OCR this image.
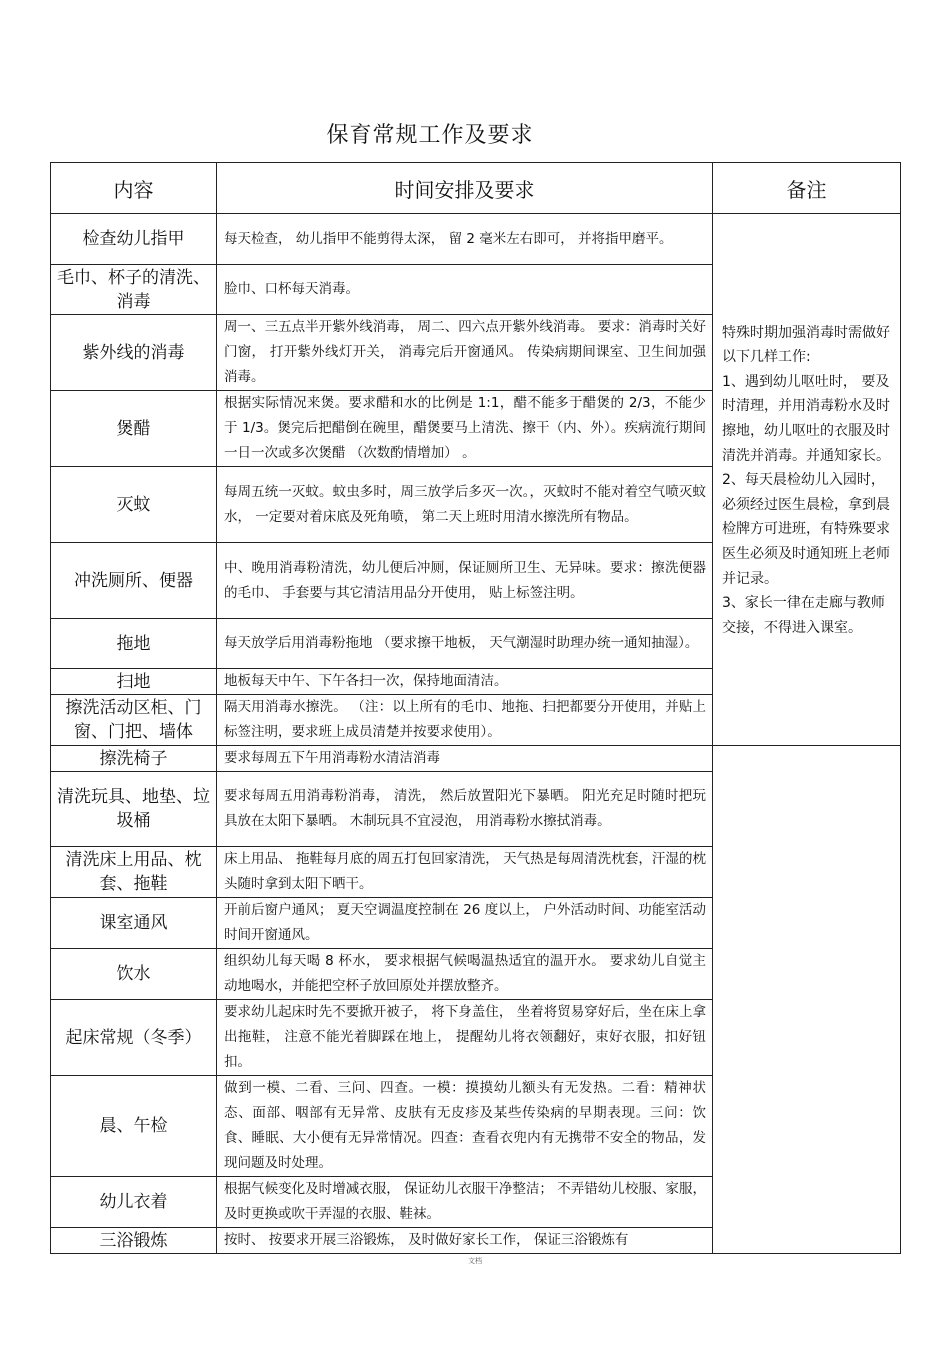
保育常规工作及要求
内容	时间安排及要求	备注
检查幼儿指甲	每天检查， 幼儿指甲不能剪得太深， 留 2 毫米左右即可， 并将指甲磨平。	特殊时期加强消毒时需做好以下几样工作:

1、遇到幼儿呕吐时， 要及时清理，并用消毒粉水及时擦地，幼儿呕吐的衣服及时清洗并消毒。并通知家长。

2、每天晨检幼儿入园时，必须经过医生晨检，拿到晨检牌方可进班，有特殊要求医生必须及时通知班上老师并记录。

3、家长一律在走廊与教师交接，不得进入课室。

毛巾、杯子的清洗、消毒	脸巾、口杯每天消毒。	
紫外线的消毒	周一、三五点半开紫外线消毒， 周二、四六点开紫外线消毒。 要求：消毒时关好门窗， 打开紫外线灯开关， 消毒完后开窗通风。 传染病期间课室、卫生间加强消毒。	
煲醋	根据实际情况来煲。要求醋和水的比例是 1:1，醋不能多于醋煲的 2/3，不能少于 1/3。煲完后把醋倒在碗里，醋煲要马上清洗、擦干（内、外）。疾病流行期间一日一次或多次煲醋 （次数酌情增加） 。	
灭蚊	每周五统一灭蚊。蚊虫多时，周三放学后多灭一次。，灭蚊时不能对着空气喷灭蚊水， 一定要对着床底及死角喷， 第二天上班时用清水擦洗所有物品。	
冲洗厕所、便器	中、晚用消毒粉清洗，幼儿便后冲厕，保证厕所卫生、无异味。要求：擦洗便器的毛巾、 手套要与其它清洁用品分开使用， 贴上标签注明。	
拖地	每天放学后用消毒粉拖地 （要求擦干地板， 天气潮湿时助理办统一通知抽湿）。	
扫地	地板每天中午、下午各扫一次，保持地面清洁。	
擦洗活动区柜、门窗、门把、墙体	隔天用消毒水擦洗。 （注：以上所有的毛巾、地拖、扫把都要分开使用，并贴上标签注明，要求班上成员清楚并按要求使用）。	
擦洗椅子	要求每周五下午用消毒粉水清洁消毒	
清洗玩具、地垫、垃圾桶	要求每周五用消毒粉消毒， 清洗， 然后放置阳光下暴晒。 阳光充足时随时把玩具放在太阳下暴晒。 木制玩具不宜浸泡， 用消毒粉水擦拭消毒。	
清洗床上用品、枕套、拖鞋	床上用品、 拖鞋每月底的周五打包回家清洗， 天气热是每周清洗枕套，汗湿的枕头随时拿到太阳下晒干。	
课室通风	开前后窗户通风； 夏天空调温度控制在 26 度以上， 户外活动时间、功能室活动时间开窗通风。	
饮水	组织幼儿每天喝 8 杯水， 要求根据气候喝温热适宜的温开水。 要求幼儿自觉主动地喝水，并能把空杯子放回原处并摆放整齐。	
起床常规（冬季）	要求幼儿起床时先不要掀开被子， 将下身盖住， 坐着将贸易穿好后，坐在床上拿出拖鞋， 注意不能光着脚踩在地上， 提醒幼儿将衣领翻好，束好衣服，扣好钮扣。	
晨、午检	做到一模、二看、三问、四查。一模：摸摸幼儿额头有无发热。二看：精神状态、面部、咽部有无异常、皮肤有无皮疹及某些传染病的早期表现。三问：饮食、睡眠、大小便有无异常情况。四查：查看衣兜内有无携带不安全的物品，发现问题及时处理。	
幼儿衣着	根据气候变化及时增减衣服， 保证幼儿衣服干净整洁； 不弄错幼儿校服、家服，及时更换或吹干弄湿的衣服、鞋袜。	
三浴锻炼	按时、 按要求开展三浴锻炼， 及时做好家长工作， 保证三浴锻炼有	
文档
